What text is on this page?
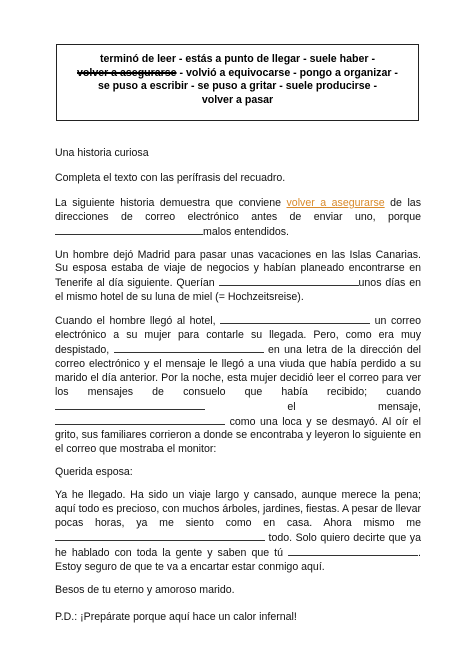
terminó de leer - estás a punto de llegar - suele haber - volver a asegurarse - volvió a equivocarse - pongo a organizar - se puso a escribir - se puso a gritar - suele producirse - volver a pasar

Una historia curiosa

Completa el texto con las perífrasis del recuadro.

La siguiente historia demuestra que conviene volver a asegurarse de las direcciones de correo electrónico antes de enviar uno, porque malos entendidos.

Un hombre dejó Madrid para pasar unas vacaciones en las Islas Canarias. Su esposa estaba de viaje de negocios y habían planeado encontrarse en Tenerife al día siguiente. Querían	unos días en el mismo hotel de su luna de miel (= Hochzeitsreise).

Cuando el hombre llegó al hotel,	un correo electrónico a su mujer para contarle su llegada. Pero, como era muy despistado,	en una letra de la dirección del correo electrónico y el mensaje le llegó a una viuda que había perdido a su marido el día anterior. Por la noche, esta mujer decidió leer el correo para ver los mensajes de consuelo que había recibido; cuando  el mensaje,  como una loca y se desmayó. Al oír el grito, sus familiares corrieron a donde se encontraba y leyeron lo siguiente en el correo que mostraba el monitor:

Querida esposa:

Ya he llegado. Ha sido un viaje largo y cansado, aunque merece la pena; aquí todo es precioso, con muchos árboles, jardines, fiestas. A pesar de llevar pocas horas, ya me siento como en casa. Ahora mismo me  todo. Solo quiero decirte que ya he hablado con toda la gente y saben que tú	. Estoy seguro de que te va a encartar estar conmigo aquí.

Besos de tu eterno y amoroso marido.

P.D.: ¡Prepárate porque aquí hace un calor infernal!
